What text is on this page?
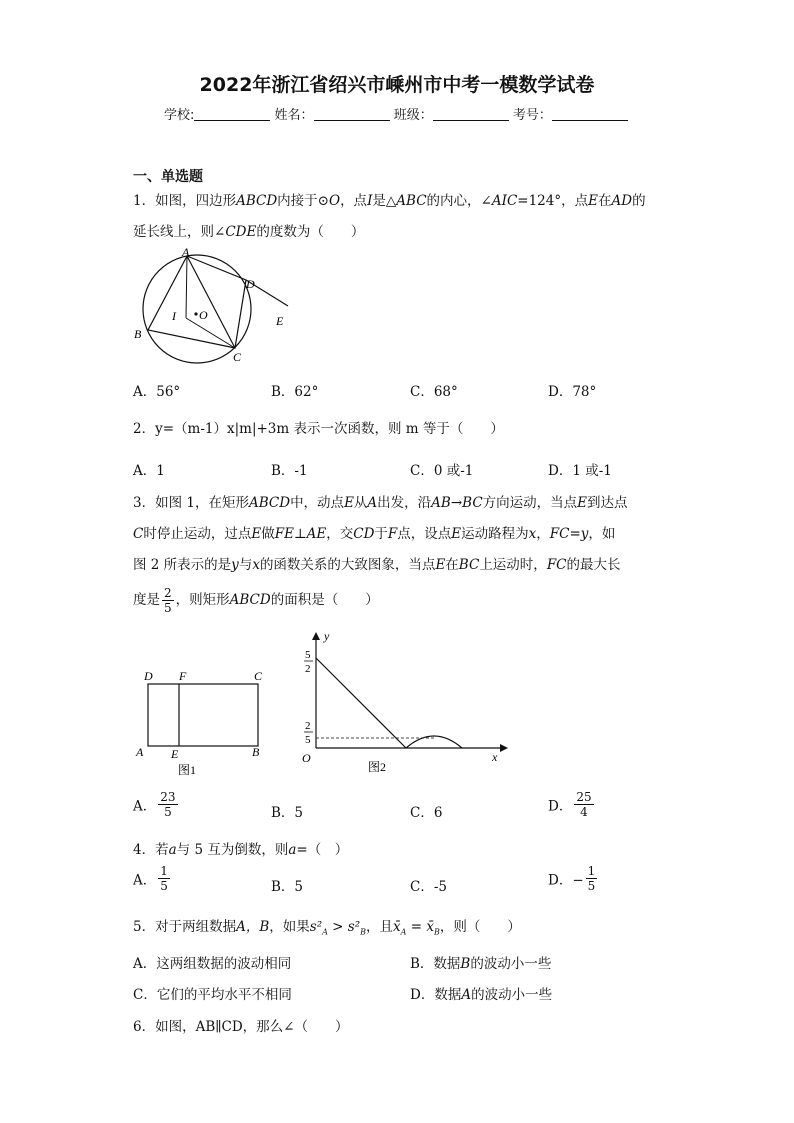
2022年浙江省绍兴市嵊州市中考一模数学试卷
学校:	姓名：	班级：	考号：
一、单选题
1．如图，四边形ABCD内接于⊙O，点I是△ABC的内心，∠AIC=124°，点E在AD的
延长线上，则∠CDE的度数为（　　）
A
B
C
D
E
I O
A．56°	B．62°	C．68°	D．78°
2．y=（m-1）x|m|+3m 表示一次函数，则 m 等于（　　）
A．1	B．-1	C．0 或-1	D．1 或-1
3．如图 1，在矩形ABCD中，动点E从A出发，沿AB→BC方向运动，当点E到达点
C时停止运动，过点E做FE⊥AE，交CD于F点，设点E运动路程为x，FC=y，如
图 2 所表示的是y与x的函数关系的大致图象，当点E在BC上运动时，FC的最大长
度是 $\frac{2}{5}$ ，则矩形ABCD的面积是（　　）
D F	C
A E	B
图1
y
x
O
5
2
2
5
图2
A． $\frac{23}{5}$	B．5	C．6	D． $\frac{25}{4}$
4．若a与 5 互为倒数，则a=（　）
A． $\frac{1}{5}$	B．5	C．-5	D．− $\frac{1}{5}$
5．对于两组数据A，B，如果$s^2_A > s^2_B$，且$x̄_A$ = $x̄_B$，则（　　）
A．这两组数据的波动相同	B．数据B的波动小一些
C．它们的平均水平不相同	D．数据A的波动小一些
6．如图，AB∥CD，那么∠（　　）
